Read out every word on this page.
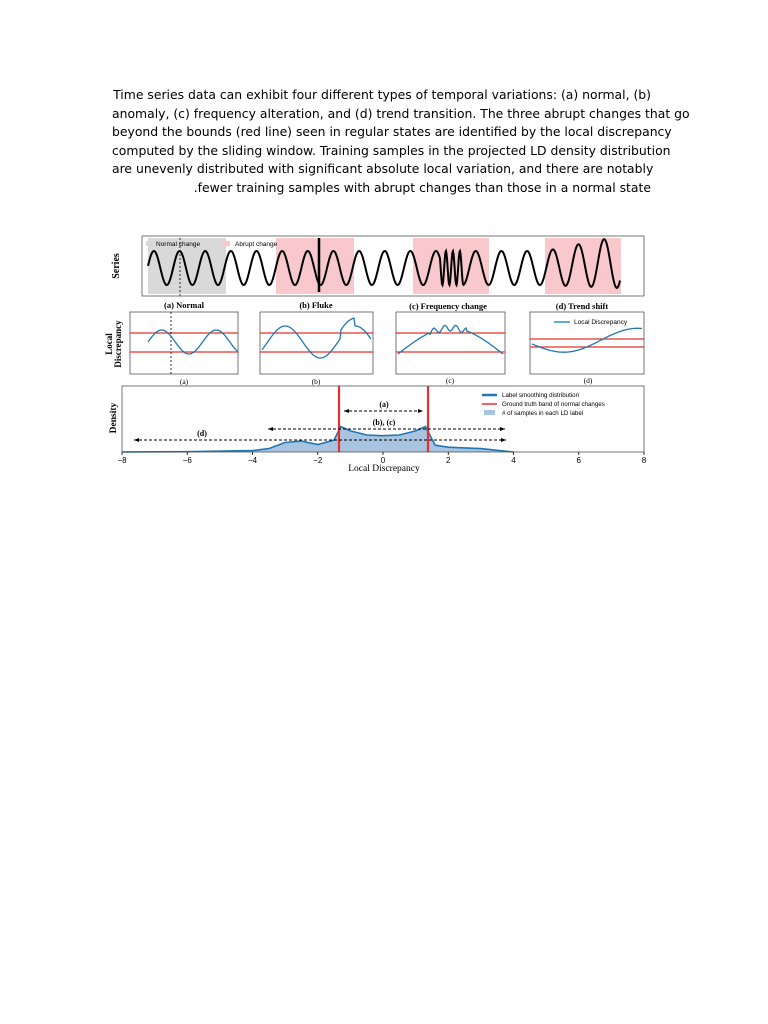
Time series data can exhibit four different types of temporal variations: (a) normal, (b)
anomaly, (c) frequency alteration, and (d) trend transition. The three abrupt changes that go
beyond the bounds (red line) seen in regular states are identified by the local discrepancy
computed by the sliding window. Training samples in the projected LD density distribution
are unevenly distributed with significant absolute local variation, and there are notably
.fewer training samples with abrupt changes than those in a normal state
Normal change	Abrupt change
Series
(a) Normal	(b) Fluke	(c) Frequency change	(d) Trend shift
Local Discrepancy
(a)	(b)	(c)
Local Discrepancy
(d)
Density	(a)
(b), (c)
(d)
Label smoothing distribution
Ground truth band of normal changes
# of samples in each LD label
−8	−6	−4	−2	0	2	4	6	8
Local Discrepancy
